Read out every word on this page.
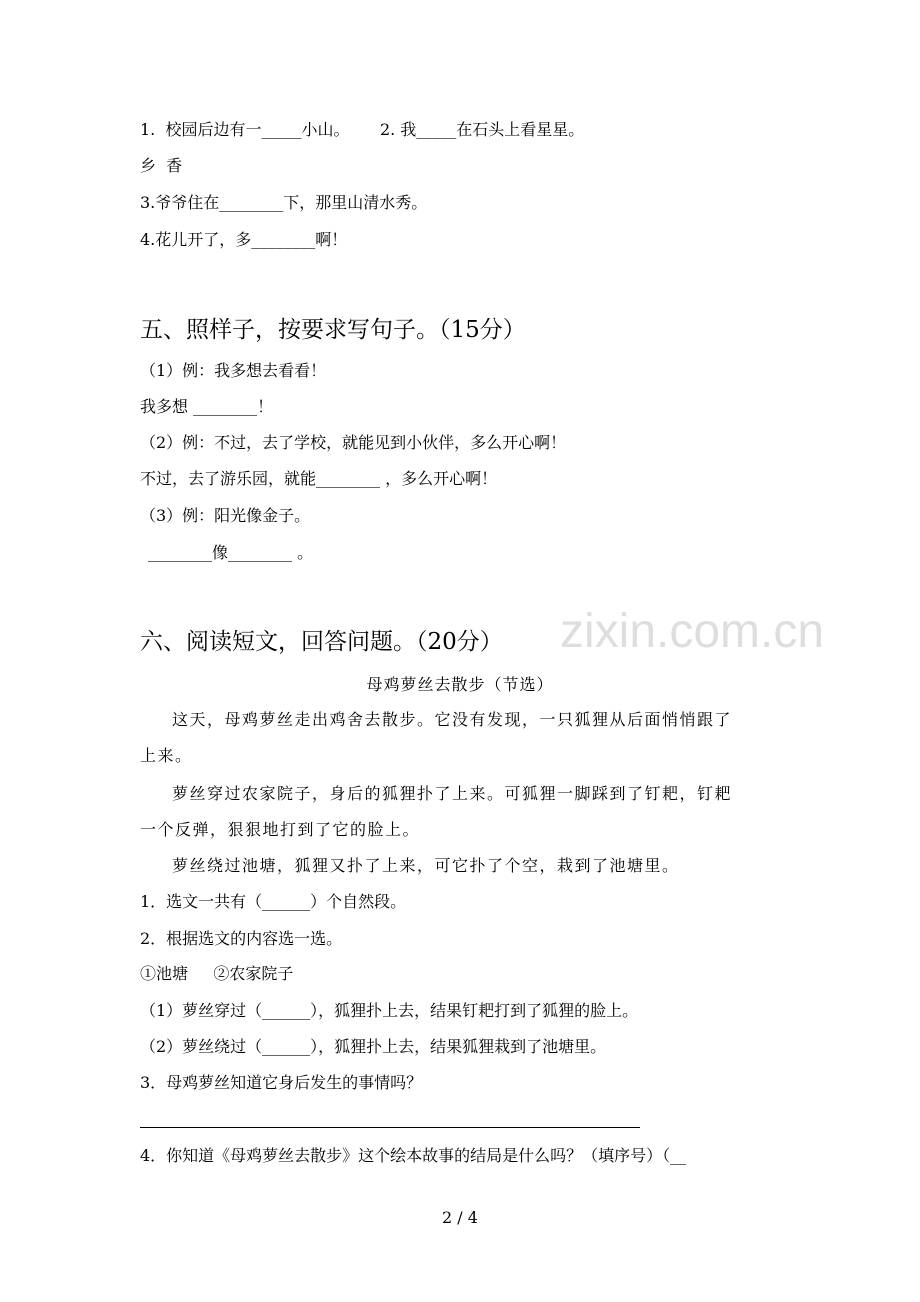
1.  校园后边有一_____小山。      2. 我_____在石头上看星星。
乡  香
3.爷爷住在________下，那里山清水秀。
4.花儿开了，多________啊！
五、照样子，按要求写句子。（15分）
（1）例：我多想去看看！
我多想 ________！
（2）例：不过，去了学校，就能见到小伙伴，多么开心啊！
不过，去了游乐园，就能________ ，多么开心啊！
（3）例：阳光像金子。
________像________ 。
zixin.com.cn
六、阅读短文，回答问题。（20分）
母鸡萝丝去散步（节选）
这天，母鸡萝丝走出鸡舍去散步。它没有发现，一只狐狸从后面悄悄跟了
上来。
萝丝穿过农家院子，身后的狐狸扑了上来。可狐狸一脚踩到了钉耙，钉耙
一个反弹，狠狠地打到了它的脸上。
萝丝绕过池塘，狐狸又扑了上来，可它扑了个空，栽到了池塘里。
1．选文一共有（______）个自然段。
2．根据选文的内容选一选。
①池塘     ②农家院子
（1）萝丝穿过（______），狐狸扑上去，结果钉耙打到了狐狸的脸上。
（2）萝丝绕过（______），狐狸扑上去，结果狐狸栽到了池塘里。
3．母鸡萝丝知道它身后发生的事情吗？
4．你知道《母鸡萝丝去散步》这个绘本故事的结局是什么吗？（填序号）（__
2 / 4
